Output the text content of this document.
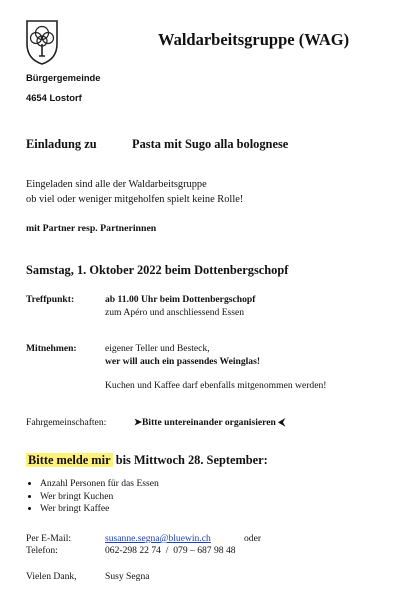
Waldarbeitsgruppe (WAG)
Bürgergemeinde
4654 Lostorf
Einladung zu	Pasta mit Sugo alla bolognese
Eingeladen sind alle der Waldarbeitsgruppe
ob viel oder weniger mitgeholfen spielt keine Rolle!
mit Partner resp. Partnerinnen
Samstag, 1. Oktober 2022 beim Dottenbergschopf
Treffpunkt:	ab 11.00 Uhr beim Dottenbergschopf
zum Apéro und anschliessend Essen
Mitnehmen:	eigener Teller und Besteck,
wer will auch ein passendes Weinglas!
Kuchen und Kaffee darf ebenfalls mitgenommen werden!
Fahrgemeinschaften:	➤Bitte untereinander organisieren ⮜
Bitte melde mir bis Mittwoch 28. September:
• Anzahl Personen für das Essen
• Wer bringt Kuchen
• Wer bringt Kaffee
Per E-Mail:	susanne.segna@bluewin.ch	oder
Telefon:	062-298 22 74  /  079 – 687 98 48
Vielen Dank,	Susy Segna
